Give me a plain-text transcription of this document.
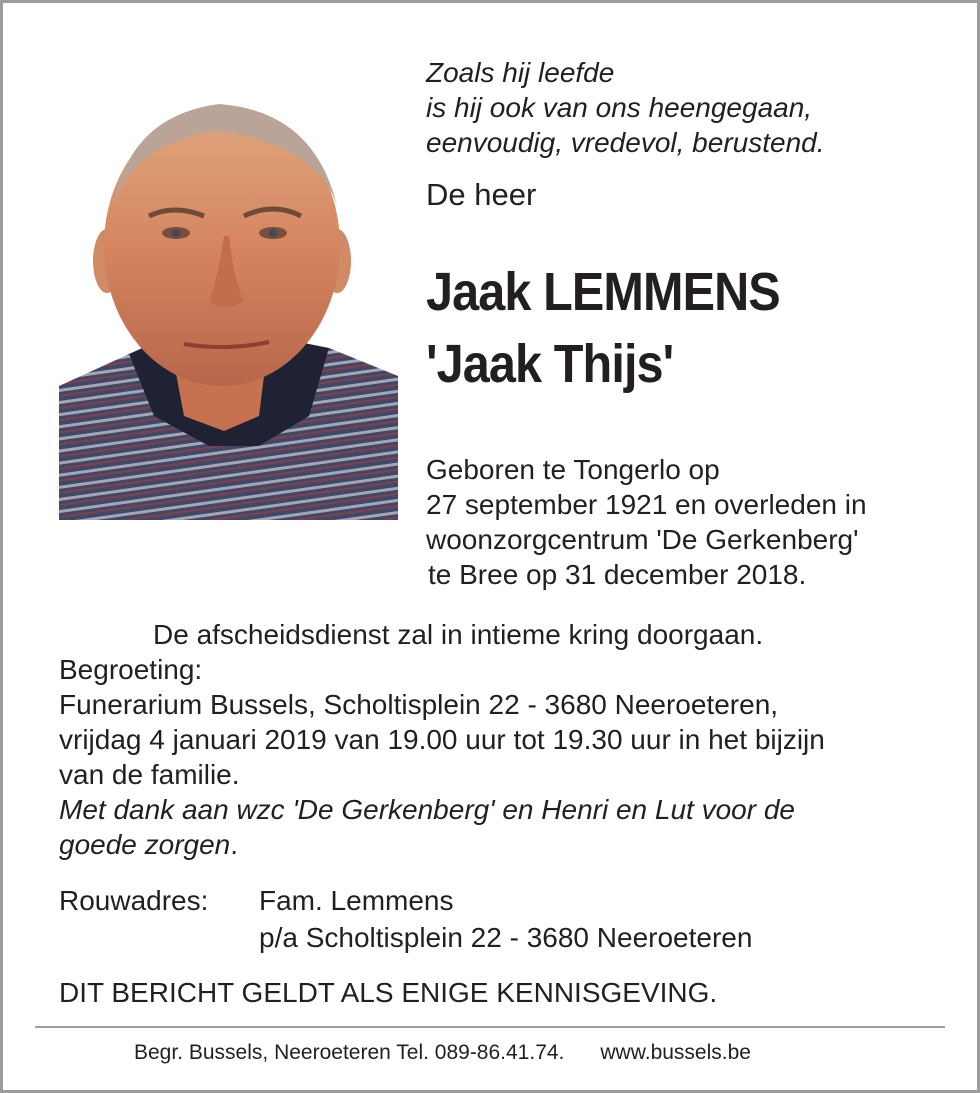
Zoals hij leefde
is hij ook van ons heengegaan,
eenvoudig, vredevol, berustend.
De heer
Jaak LEMMENS
'Jaak Thijs'
Geboren te Tongerlo op
27 september 1921 en overleden in
woonzorgcentrum 'De Gerkenberg'
te Bree op 31 december 2018.
De afscheidsdienst zal in intieme kring doorgaan.
Begroeting:
Funerarium Bussels, Scholtisplein 22 - 3680 Neeroeteren,
vrijdag 4 januari 2019 van 19.00 uur tot 19.30 uur in het bijzijn
van de familie.
Met dank aan wzc 'De Gerkenberg' en Henri en Lut voor de
goede zorgen.
Rouwadres:	Fam. Lemmens
p/a Scholtisplein 22 - 3680 Neeroeteren
DIT BERICHT GELDT ALS ENIGE KENNISGEVING.
Begr. Bussels, Neeroeteren Tel. 089-86.41.74. www.bussels.be
